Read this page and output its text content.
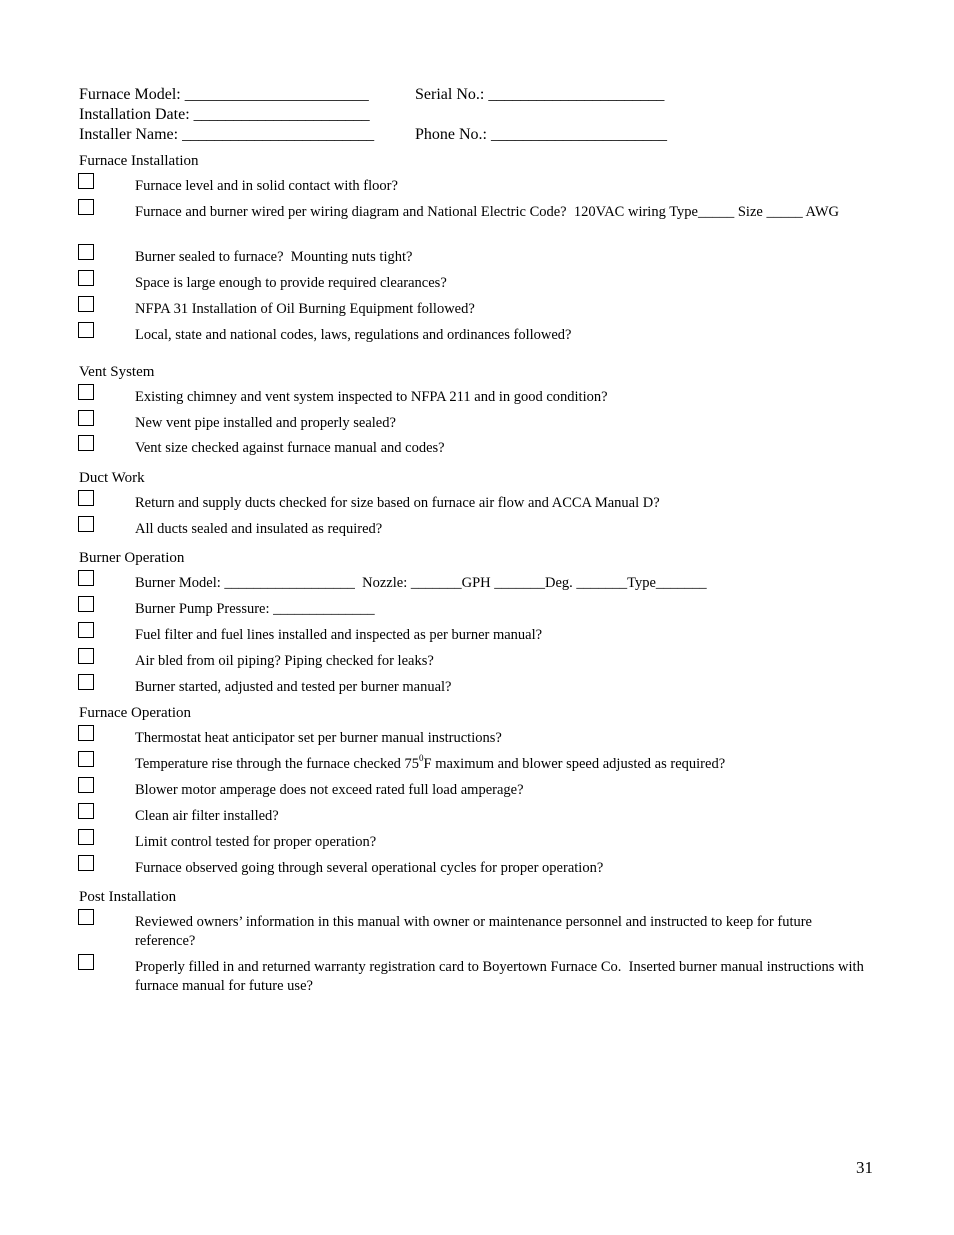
Furnace Model: _______________________	Serial No.: ______________________
Installation Date: ______________________
Installer Name: ________________________	Phone No.: ______________________
Furnace Installation
Furnace level and in solid contact with floor?
Furnace and burner wired per wiring diagram and National Electric Code?  120VAC wiring Type_____ Size _____ AWG
Burner sealed to furnace?  Mounting nuts tight?
Space is large enough to provide required clearances?
NFPA 31 Installation of Oil Burning Equipment followed?
Local, state and national codes, laws, regulations and ordinances followed?
Vent System
Existing chimney and vent system inspected to NFPA 211 and in good condition?
New vent pipe installed and properly sealed?
Vent size checked against furnace manual and codes?
Duct Work
Return and supply ducts checked for size based on furnace air flow and ACCA Manual D?
All ducts sealed and insulated as required?
Burner Operation
Burner Model: __________________  Nozzle: _______GPH _______Deg. _______Type_______
Burner Pump Pressure: ______________
Fuel filter and fuel lines installed and inspected as per burner manual?
Air bled from oil piping? Piping checked for leaks?
Burner started, adjusted and tested per burner manual?
Furnace Operation
Thermostat heat anticipator set per burner manual instructions?
Temperature rise through the furnace checked $75^0F$ maximum and blower speed adjusted as required?
Blower motor amperage does not exceed rated full load amperage?
Clean air filter installed?
Limit control tested for proper operation?
Furnace observed going through several operational cycles for proper operation?
Post Installation
Reviewed owners’ information in this manual with owner or maintenance personnel and instructed to keep for future reference?
Properly filled in and returned warranty registration card to Boyertown Furnace Co.  Inserted burner manual instructions with furnace manual for future use?
31
